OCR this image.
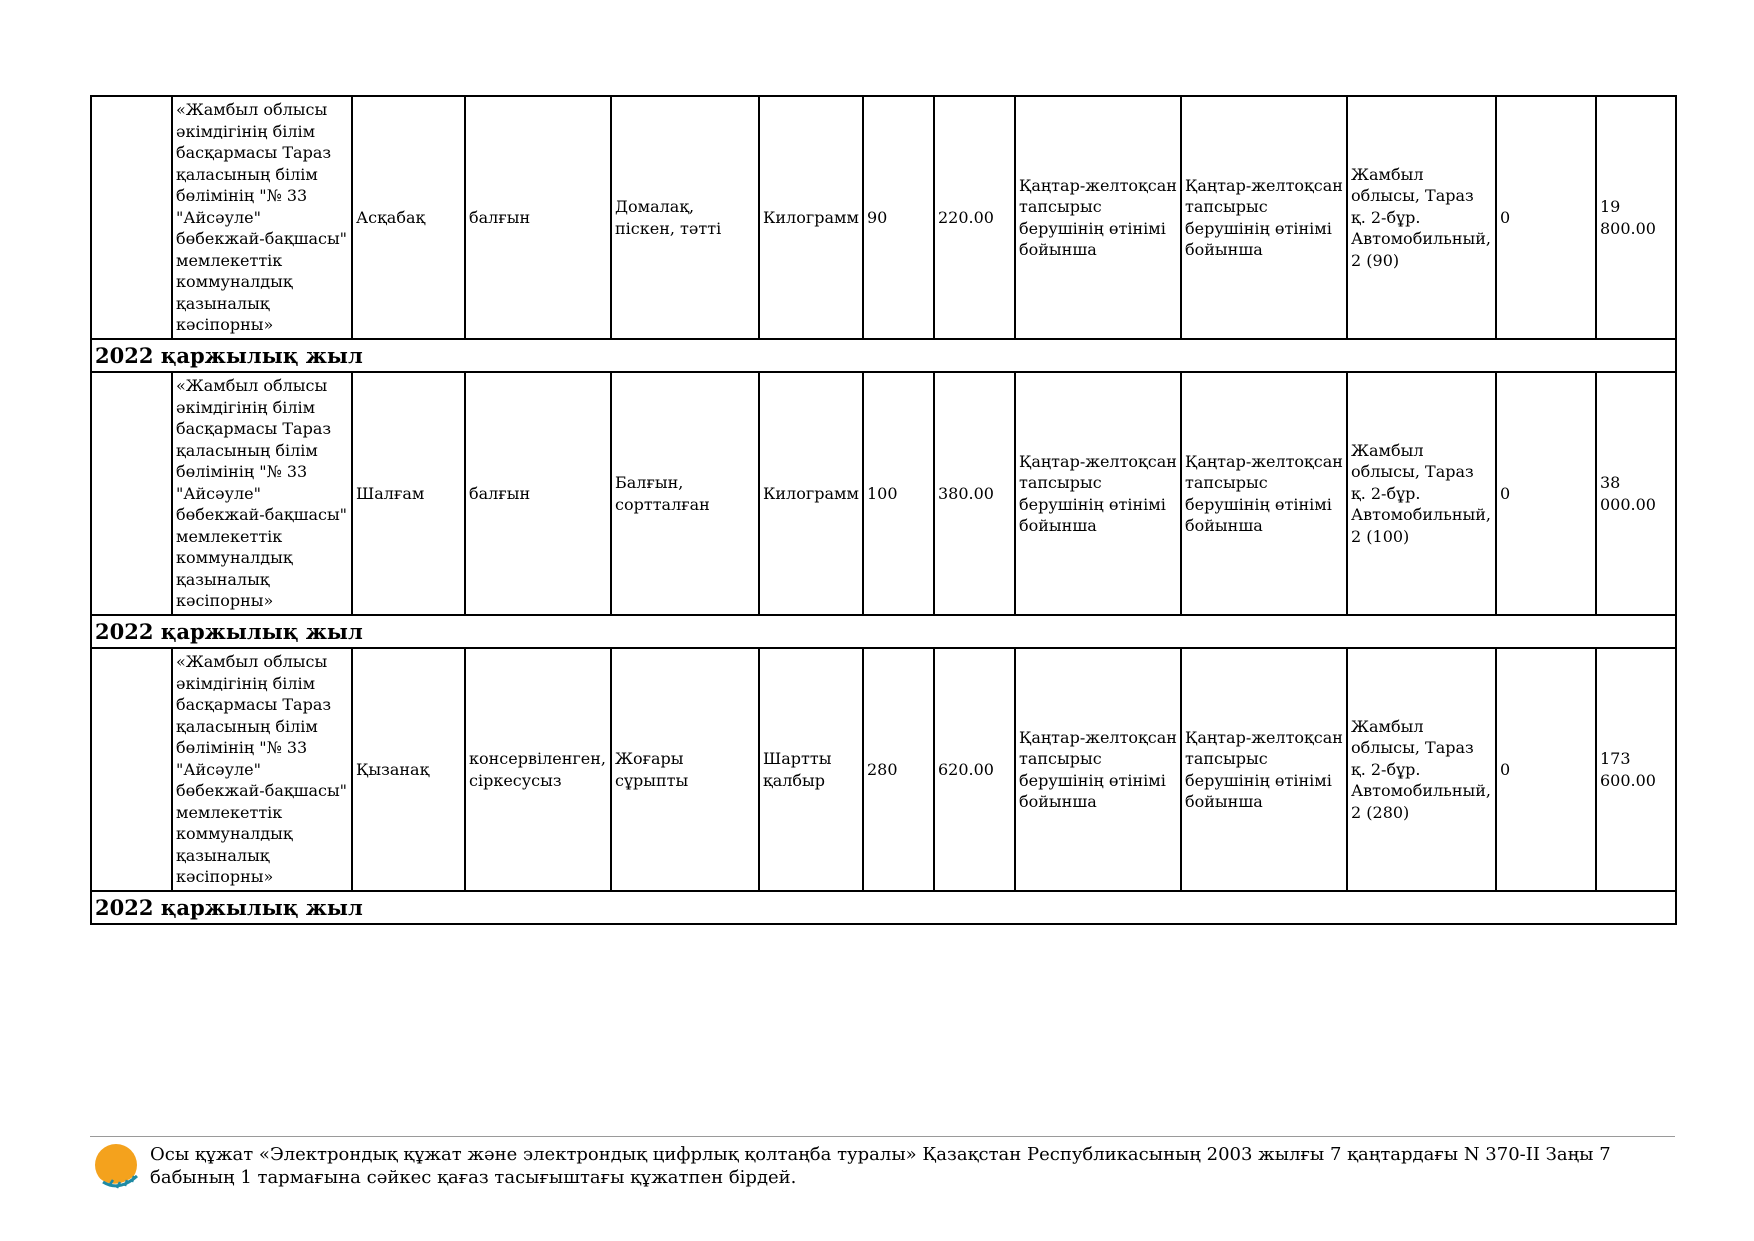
	«Жамбыл облысы әкімдігінің білім басқармасы Тараз қаласының білім бөлімінің "№ 33 "Айсәуле" бөбекжай-бақшасы" мемлекеттік коммуналдық қазыналық кәсіпорны»	Асқабақ	балғын	Домалақ, піскен, тәтті	Килограмм	90	220.00	Қаңтар-желтоқсан тапсырыс берушінің өтінімі бойынша	Қаңтар-желтоқсан тапсырыс берушінің өтінімі бойынша	Жамбыл облысы, Тараз қ. 2-бұр. Автомобильный, 2 (90)	0	19 800.00
2022 қаржылық жыл												
	«Жамбыл облысы әкімдігінің білім басқармасы Тараз қаласының білім бөлімінің "№ 33 "Айсәуле" бөбекжай-бақшасы" мемлекеттік коммуналдық қазыналық кәсіпорны»	Шалғам	балғын	Балғын, сортталған	Килограмм	100	380.00	Қаңтар-желтоқсан тапсырыс берушінің өтінімі бойынша	Қаңтар-желтоқсан тапсырыс берушінің өтінімі бойынша	Жамбыл облысы, Тараз қ. 2-бұр. Автомобильный, 2 (100)	0	38 000.00
2022 қаржылық жыл												
	«Жамбыл облысы әкімдігінің білім басқармасы Тараз қаласының білім бөлімінің "№ 33 "Айсәуле" бөбекжай-бақшасы" мемлекеттік коммуналдық қазыналық кәсіпорны»	Қызанақ	консервіленген, сіркесусыз	Жоғары сұрыпты	Шартты қалбыр	280	620.00	Қаңтар-желтоқсан тапсырыс берушінің өтінімі бойынша	Қаңтар-желтоқсан тапсырыс берушінің өтінімі бойынша	Жамбыл облысы, Тараз қ. 2-бұр. Автомобильный, 2 (280)	0	173 600.00
2022 қаржылық жыл												
Осы құжат «Электрондық құжат және электрондық цифрлық қолтаңба туралы» Қазақстан Республикасының 2003 жылғы 7 қаңтардағы N 370-II Заңы 7 бабының 1 тармағына сәйкес қағаз тасығыштағы құжатпен бірдей.
